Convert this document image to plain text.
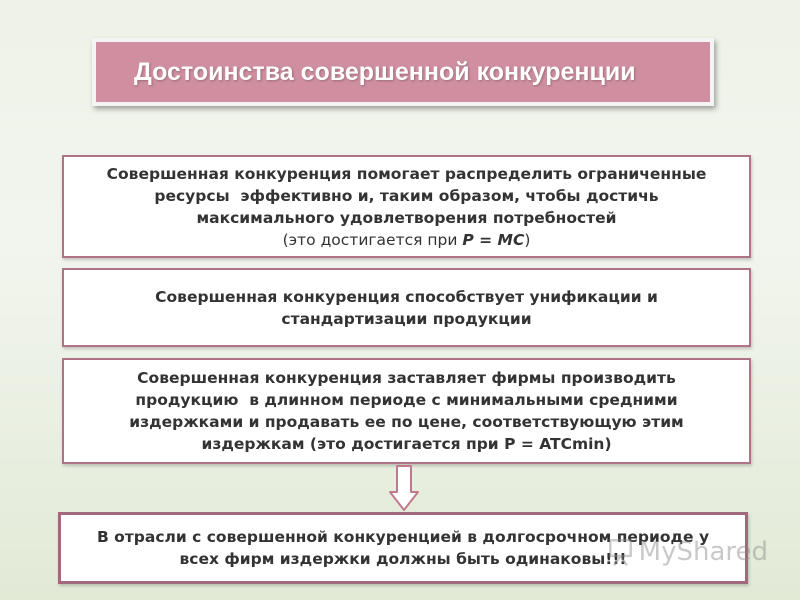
Достоинства совершенной конкуренции

Совершенная конкуренция помогает распределить ограниченные
ресурсы  эффективно и, таким образом, чтобы достичь
максимального удовлетворения потребностей
(это достигается при P = MC)

Совершенная конкуренция способствует унификации и
стандартизации продукции

Совершенная конкуренция заставляет фирмы производить
продукцию  в длинном периоде с минимальными средними
издержками и продавать ее по цене, соответствующую этим
издержкам (это достигается при P = ATCmin)

В отрасли с совершенной конкуренцией в долгосрочном периоде у
всех фирм издержки должны быть одинаковы!!! MyShared
